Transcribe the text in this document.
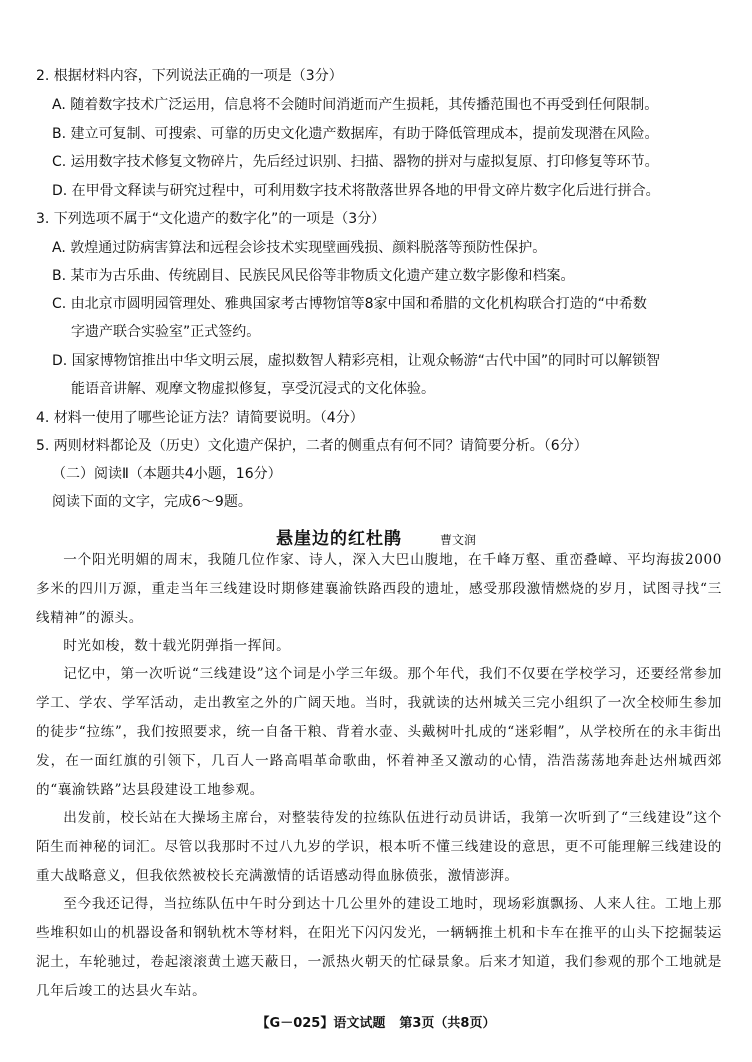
2. 根据材料内容，下列说法正确的一项是（3分）
A. 随着数字技术广泛运用，信息将不会随时间消逝而产生损耗，其传播范围也不再受到任何限制。
B. 建立可复制、可搜索、可靠的历史文化遗产数据库，有助于降低管理成本，提前发现潜在风险。
C. 运用数字技术修复文物碎片，先后经过识别、扫描、器物的拼对与虚拟复原、打印修复等环节。
D. 在甲骨文释读与研究过程中，可利用数字技术将散落世界各地的甲骨文碎片数字化后进行拼合。
3. 下列选项不属于“文化遗产的数字化”的一项是（3分）
A. 敦煌通过防病害算法和远程会诊技术实现壁画残损、颜料脱落等预防性保护。
B. 某市为古乐曲、传统剧目、民族民风民俗等非物质文化遗产建立数字影像和档案。
C. 由北京市圆明园管理处、雅典国家考古博物馆等8家中国和希腊的文化机构联合打造的“中希数
字遗产联合实验室”正式签约。
D. 国家博物馆推出中华文明云展，虚拟数智人精彩亮相，让观众畅游“古代中国”的同时可以解锁智
能语音讲解、观摩文物虚拟修复，享受沉浸式的文化体验。
4. 材料一使用了哪些论证方法？请简要说明。（4分）
5. 两则材料都论及（历史）文化遗产保护，二者的侧重点有何不同？请简要分析。（6分）
（二）阅读Ⅱ（本题共4小题，16分）
阅读下面的文字，完成6～9题。
悬崖边的红杜鹃	曹文润
一个阳光明媚的周末，我随几位作家、诗人，深入大巴山腹地，在千峰万壑、重峦叠嶂、平均海拔2000多米的四川万源，重走当年三线建设时期修建襄渝铁路西段的遗址，感受那段激情燃烧的岁月，试图寻找“三线精神”的源头。
时光如梭，数十载光阴弹指一挥间。
记忆中，第一次听说“三线建设”这个词是小学三年级。那个年代，我们不仅要在学校学习，还要经常参加学工、学农、学军活动，走出教室之外的广阔天地。当时，我就读的达州城关三完小组织了一次全校师生参加的徒步“拉练”，我们按照要求，统一自备干粮、背着水壶、头戴树叶扎成的“迷彩帽”，从学校所在的永丰街出发，在一面红旗的引领下，几百人一路高唱革命歌曲，怀着神圣又激动的心情，浩浩荡荡地奔赴达州城西郊的“襄渝铁路”达县段建设工地参观。
出发前，校长站在大操场主席台，对整装待发的拉练队伍进行动员讲话，我第一次听到了“三线建设”这个陌生而神秘的词汇。尽管以我那时不过八九岁的学识，根本听不懂三线建设的意思，更不可能理解三线建设的重大战略意义，但我依然被校长充满激情的话语感动得血脉偾张，激情澎湃。
至今我还记得，当拉练队伍中午时分到达十几公里外的建设工地时，现场彩旗飘扬、人来人往。工地上那些堆积如山的机器设备和钢轨枕木等材料，在阳光下闪闪发光，一辆辆推土机和卡车在推平的山头下挖掘装运泥土，车轮驰过，卷起滚滚黄土遮天蔽日，一派热火朝天的忙碌景象。后来才知道，我们参观的那个工地就是几年后竣工的达县火车站。
【G－025】语文试题 第3页（共8页）
